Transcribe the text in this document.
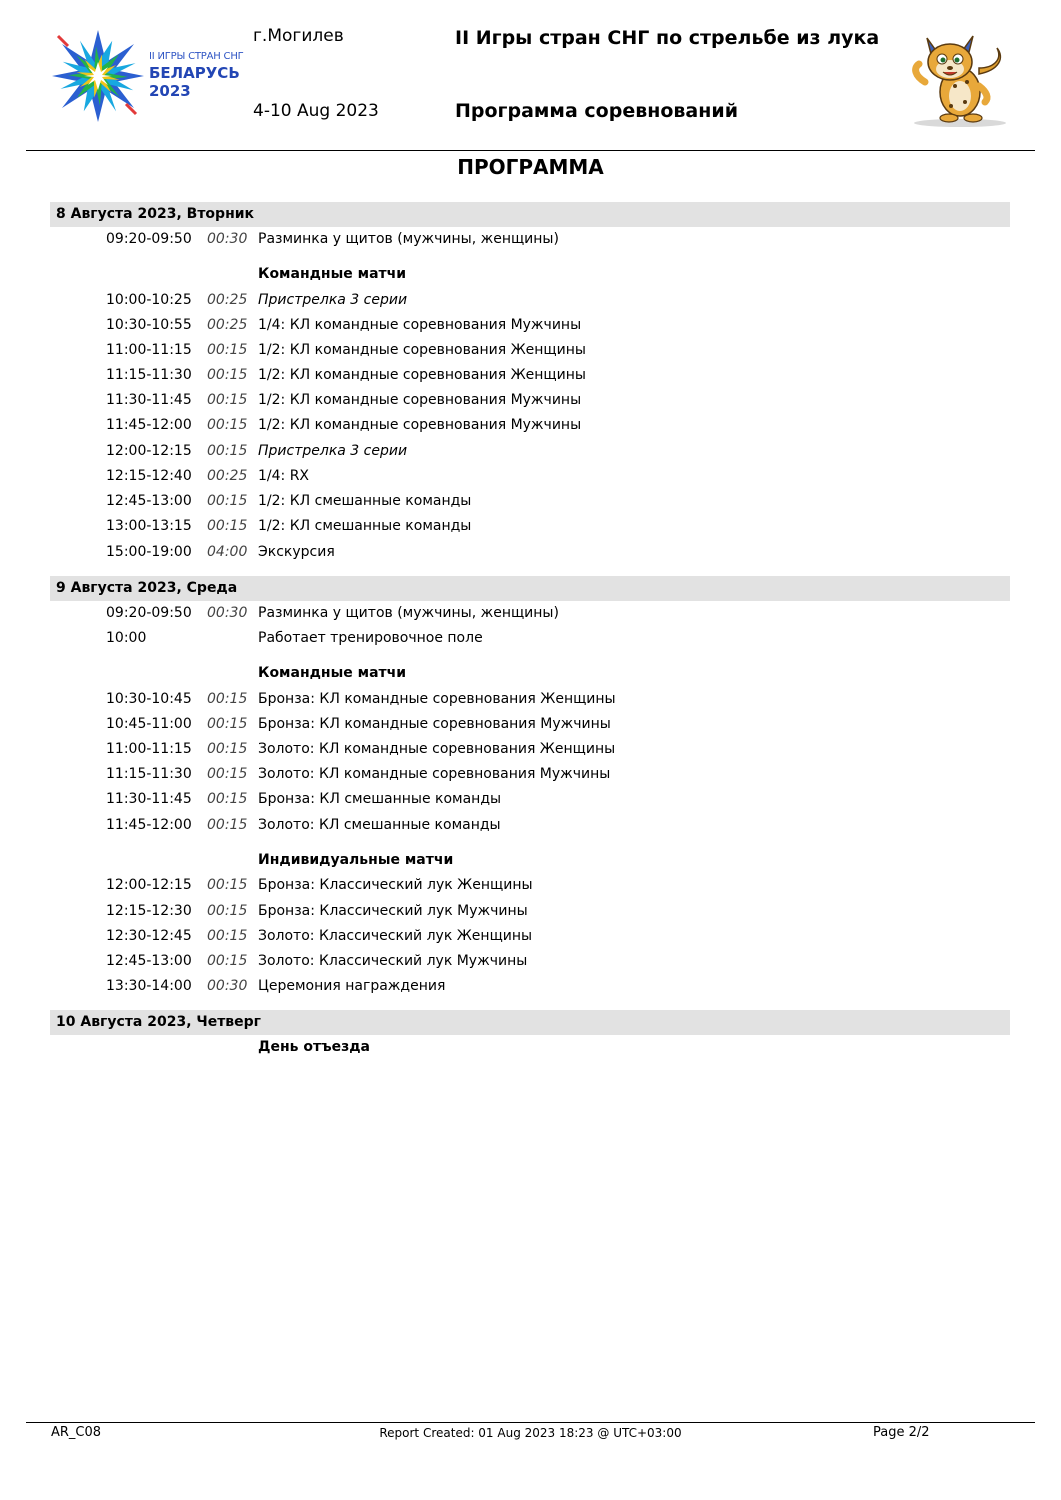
II ИГРЫ СТРАН СНГ
БЕЛАРУСЬ
2023
г.Могилев
4-10 Aug 2023
II Игры стран СНГ по стрельбе из лука
Программа соревнований
ПРОГРАММА
8 Августа 2023, Вторник
09:20-09:50 00:30 Разминка у щитов (мужчины, женщины)
Командные матчи
10:00-10:25 00:25 Пристрелка 3 серии
10:30-10:55 00:25 1/4: КЛ командные соревнования Мужчины
11:00-11:15 00:15 1/2: КЛ командные соревнования Женщины
11:15-11:30 00:15 1/2: КЛ командные соревнования Женщины
11:30-11:45 00:15 1/2: КЛ командные соревнования Мужчины
11:45-12:00 00:15 1/2: КЛ командные соревнования Мужчины
12:00-12:15 00:15 Пристрелка 3 серии
12:15-12:40 00:25 1/4: RX
12:45-13:00 00:15 1/2: КЛ смешанные команды
13:00-13:15 00:15 1/2: КЛ смешанные команды
15:00-19:00 04:00 Экскурсия
9 Августа 2023, Среда
09:20-09:50 00:30 Разминка у щитов (мужчины, женщины)
10:00	Работает тренировочное поле
Командные матчи
10:30-10:45 00:15 Бронза: КЛ командные соревнования Женщины
10:45-11:00 00:15 Бронза: КЛ командные соревнования Мужчины
11:00-11:15 00:15 Золото: КЛ командные соревнования Женщины
11:15-11:30 00:15 Золото: КЛ командные соревнования Мужчины
11:30-11:45 00:15 Бронза: КЛ смешанные команды
11:45-12:00 00:15 Золото: КЛ смешанные команды
Индивидуальные матчи
12:00-12:15 00:15 Бронза: Классический лук Женщины
12:15-12:30 00:15 Бронза: Классический лук Мужчины
12:30-12:45 00:15 Золото: Классический лук Женщины
12:45-13:00 00:15 Золото: Классический лук Мужчины
13:30-14:00 00:30 Церемония награждения
10 Августа 2023, Четверг
День отъезда
AR_C08	Report Created: 01 Aug 2023 18:23 @ UTC+03:00	Page 2/2
